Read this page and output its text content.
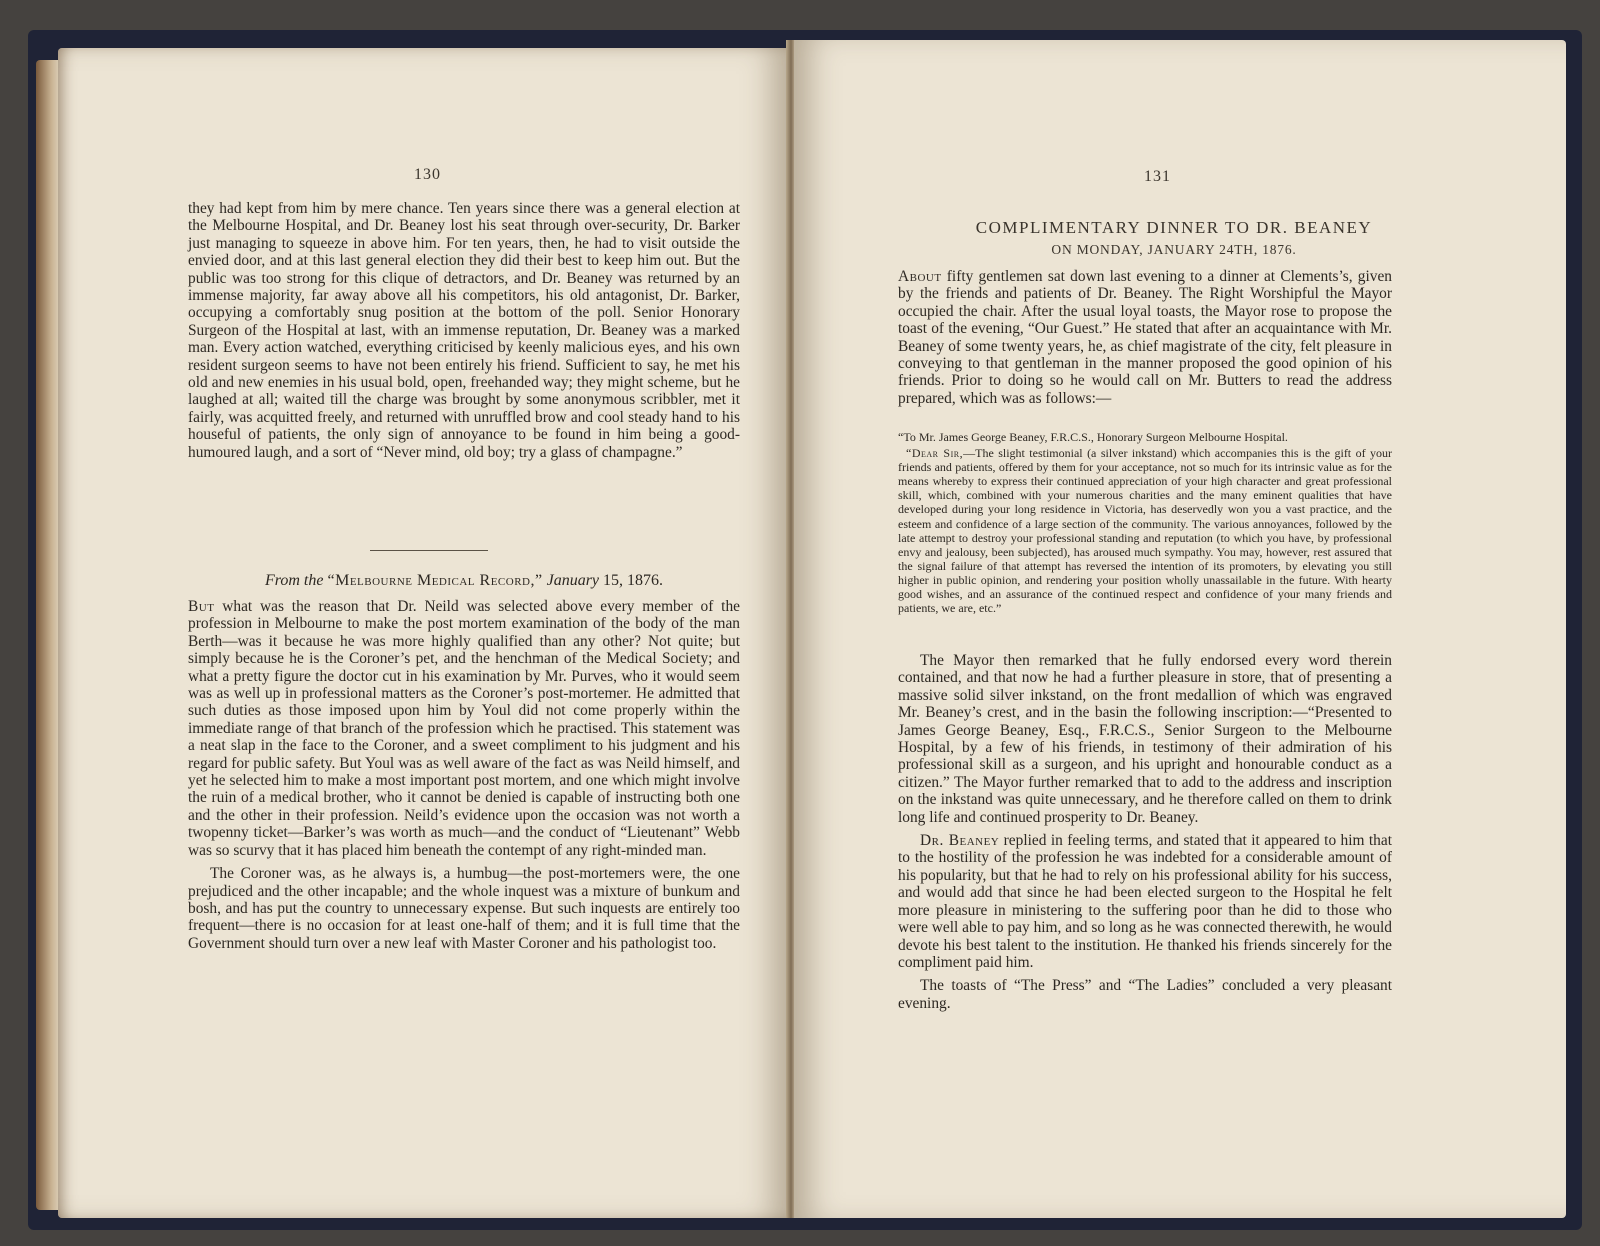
130

they had kept from him by mere chance. Ten years since there was a general election at the Melbourne Hospital, and Dr. Beaney lost his seat through over-security, Dr. Barker just managing to squeeze in above him. For ten years, then, he had to visit outside the envied door, and at this last general election they did their best to keep him out. But the public was too strong for this clique of detractors, and Dr. Beaney was returned by an immense majority, far away above all his competitors, his old antagonist, Dr. Barker, occupying a comfortably snug position at the bottom of the poll. Senior Honorary Surgeon of the Hospital at last, with an immense reputation, Dr. Beaney was a marked man. Every action watched, everything criticised by keenly malicious eyes, and his own resident surgeon seems to have not been entirely his friend. Sufficient to say, he met his old and new enemies in his usual bold, open, freehanded way; they might scheme, but he laughed at all; waited till the charge was brought by some anonymous scribbler, met it fairly, was acquitted freely, and returned with unruffled brow and cool steady hand to his houseful of patients, the only sign of annoyance to be found in him being a good-humoured laugh, and a sort of “Never mind, old boy; try a glass of champagne.”

From the “Melbourne Medical Record,” January 15, 1876.

But what was the reason that Dr. Neild was selected above every member of the profession in Melbourne to make the post mortem examination of the body of the man Berth—was it because he was more highly qualified than any other? Not quite; but simply because he is the Coroner’s pet, and the henchman of the Medical Society; and what a pretty figure the doctor cut in his examination by Mr. Purves, who it would seem was as well up in professional matters as the Coroner’s post-mortemer. He admitted that such duties as those imposed upon him by Youl did not come properly within the immediate range of that branch of the profession which he practised. This statement was a neat slap in the face to the Coroner, and a sweet compliment to his judgment and his regard for public safety. But Youl was as well aware of the fact as was Neild himself, and yet he selected him to make a most important post mortem, and one which might involve the ruin of a medical brother, who it cannot be denied is capable of instructing both one and the other in their profession. Neild’s evidence upon the occasion was not worth a twopenny ticket—Barker’s was worth as much—and the conduct of “Lieutenant” Webb was so scurvy that it has placed him beneath the contempt of any right-minded man.

The Coroner was, as he always is, a humbug—the post-mortemers were, the one prejudiced and the other incapable; and the whole inquest was a mixture of bunkum and bosh, and has put the country to unnecessary expense. But such inquests are entirely too frequent—there is no occasion for at least one-half of them; and it is full time that the Government should turn over a new leaf with Master Coroner and his pathologist too.

131
COMPLIMENTARY DINNER TO DR. BEANEY
ON MONDAY, JANUARY 24TH, 1876.

About fifty gentlemen sat down last evening to a dinner at Clements’s, given by the friends and patients of Dr. Beaney. The Right Worshipful the Mayor occupied the chair. After the usual loyal toasts, the Mayor rose to propose the toast of the evening, “Our Guest.” He stated that after an acquaintance with Mr. Beaney of some twenty years, he, as chief magistrate of the city, felt pleasure in conveying to that gentleman in the manner proposed the good opinion of his friends. Prior to doing so he would call on Mr. Butters to read the address prepared, which was as follows:—

“To Mr. James George Beaney, F.R.C.S., Honorary Surgeon Melbourne Hospital.

“Dear Sir,—The slight testimonial (a silver inkstand) which accompanies this is the gift of your friends and patients, offered by them for your acceptance, not so much for its intrinsic value as for the means whereby to express their continued appreciation of your high character and great professional skill, which, combined with your numerous charities and the many eminent qualities that have developed during your long residence in Victoria, has deservedly won you a vast practice, and the esteem and confidence of a large section of the community. The various annoyances, followed by the late attempt to destroy your professional standing and reputation (to which you have, by professional envy and jealousy, been subjected), has aroused much sympathy. You may, however, rest assured that the signal failure of that attempt has reversed the intention of its promoters, by elevating you still higher in public opinion, and rendering your position wholly unassailable in the future. With hearty good wishes, and an assurance of the continued respect and confidence of your many friends and patients, we are, etc.”

The Mayor then remarked that he fully endorsed every word therein contained, and that now he had a further pleasure in store, that of presenting a massive solid silver inkstand, on the front medallion of which was engraved Mr. Beaney’s crest, and in the basin the following inscription:—“Presented to James George Beaney, Esq., F.R.C.S., Senior Surgeon to the Melbourne Hospital, by a few of his friends, in testimony of their admiration of his professional skill as a surgeon, and his upright and honourable conduct as a citizen.” The Mayor further remarked that to add to the address and inscription on the inkstand was quite unnecessary, and he therefore called on them to drink long life and continued prosperity to Dr. Beaney.

Dr. Beaney replied in feeling terms, and stated that it appeared to him that to the hostility of the profession he was indebted for a considerable amount of his popularity, but that he had to rely on his professional ability for his success, and would add that since he had been elected surgeon to the Hospital he felt more pleasure in ministering to the suffering poor than he did to those who were well able to pay him, and so long as he was connected therewith, he would devote his best talent to the institution. He thanked his friends sincerely for the compliment paid him.

The toasts of “The Press” and “The Ladies” concluded a very pleasant evening.
